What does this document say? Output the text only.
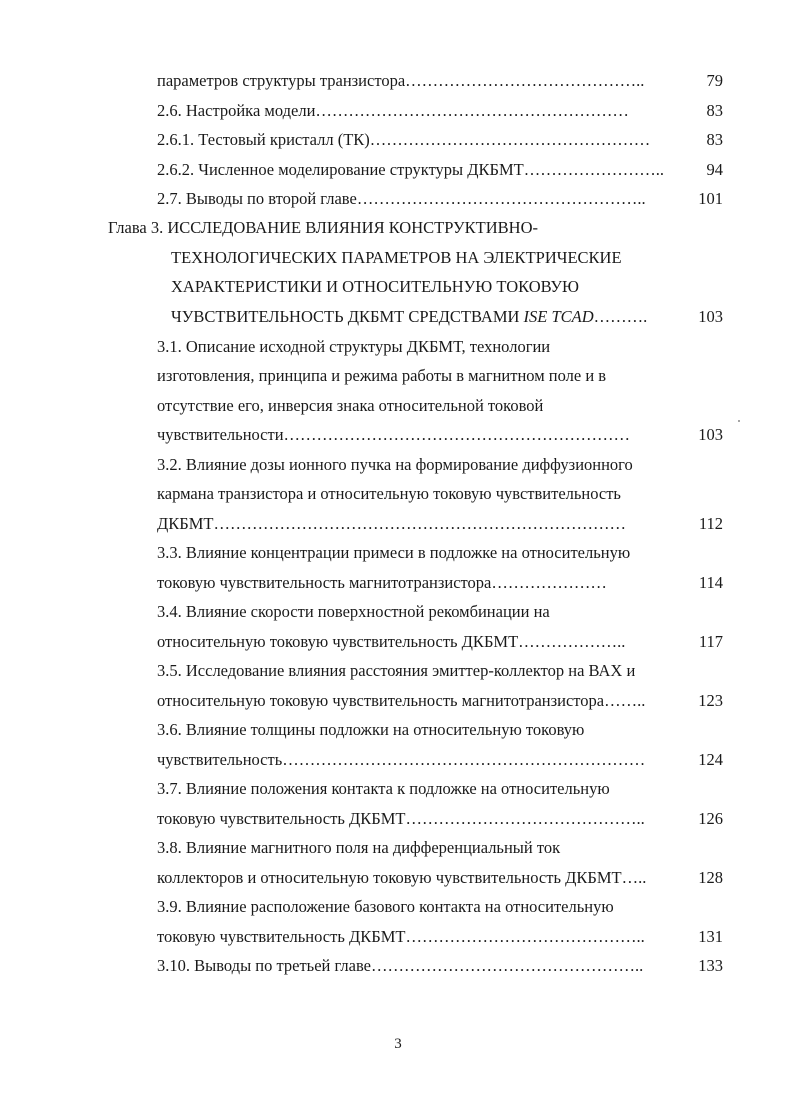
параметров структуры транзистора……………………………………..	79
2.6. Настройка модели…………………………………………………	83
2.6.1. Тестовый кристалл (ТК)……………………………………………	83
2.6.2. Численное моделирование структуры ДКБМТ……………………..	94
2.7. Выводы по второй главе……………………………………………..	101
Глава 3. ИССЛЕДОВАНИЕ ВЛИЯНИЯ КОНСТРУКТИВНО-
ТЕХНОЛОГИЧЕСКИХ ПАРАМЕТРОВ НА ЭЛЕКТРИЧЕСКИЕ
ХАРАКТЕРИСТИКИ И ОТНОСИТЕЛЬНУЮ ТОКОВУЮ
ЧУВСТВИТЕЛЬНОСТЬ ДКБМТ СРЕДСТВАМИ ISE TCAD……….	103
3.1. Описание исходной структуры ДКБМТ, технологии
изготовления, принципа и режима работы в магнитном поле и в
отсутствие его, инверсия знака относительной токовой
чувствительности………………………………………………………	103
3.2. Влияние дозы ионного пучка на формирование диффузионного
кармана транзистора и относительную токовую чувствительность
ДКБМТ…………………………………………………………………	112
3.3. Влияние концентрации примеси в подложке на относительную
токовую чувствительность магнитотранзистора…………………	114
3.4. Влияние скорости поверхностной рекомбинации на
относительную токовую чувствительность ДКБМТ………………..	117
3.5. Исследование влияния расстояния эмиттер-коллектор на ВАХ и
относительную токовую чувствительность магнитотранзистора……..	123
3.6. Влияние толщины подложки на относительную токовую
чувствительность…………………………………………………………	124
3.7. Влияние положения контакта к подложке на относительную
токовую чувствительность ДКБМТ……………………………………..	126
3.8. Влияние магнитного поля на дифференциальный ток
коллекторов и относительную токовую чувствительность ДКБМТ…..	128
3.9. Влияние расположение базового контакта на относительную
токовую чувствительность ДКБМТ……………………………………..	131
3.10. Выводы по третьей главе…………………………………………..	133
3
